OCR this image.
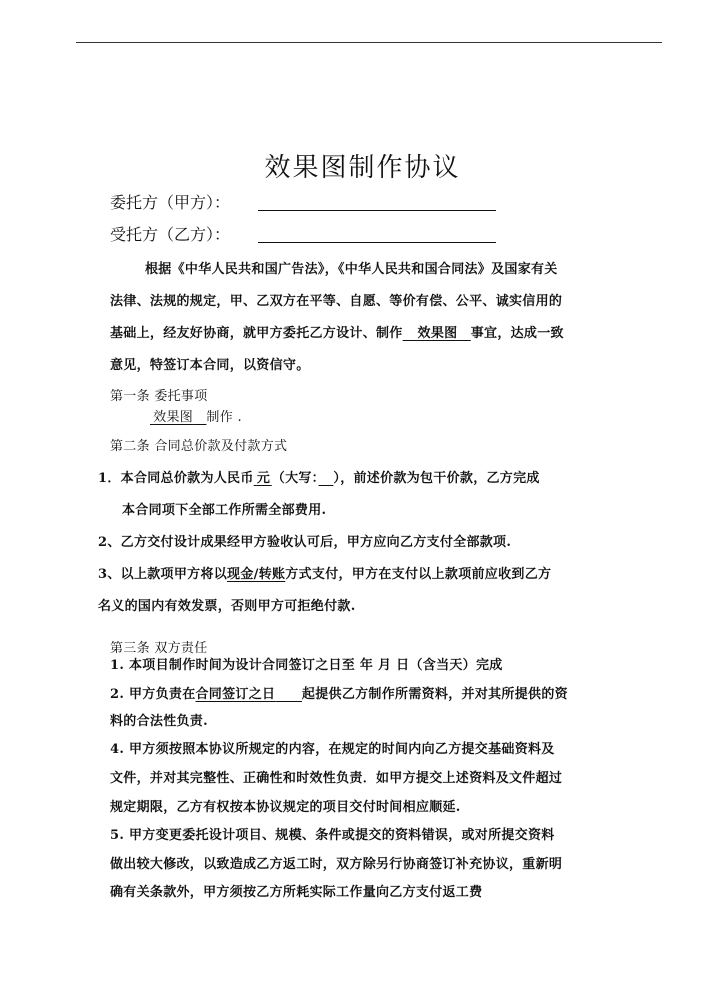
效果图制作协议
委托方（甲方）：
受托方（乙方）：
根据《中华人民共和国广告法》，《中华人民共和国合同法》及国家有关
法律、法规的规定，甲、乙双方在平等、自愿、等价有偿、公平、诚实信用的
基础上，经友好协商，就甲方委托乙方设计、制作　  效果图　 事宜，达成一致
意见，特签订本合同，以资信守。
第一条 委托事项
  效果图　 制作 .
第二条 合同总价款及付款方式
1．本合同总价款为人民币   元  （大写：　  ），前述价款为包干价款，乙方完成
本合同项下全部工作所需全部费用.
2、乙方交付设计成果经甲方验收认可后，甲方应向乙方支付全部款项.
3、以上款项甲方将以现金/转账方式支付，甲方在支付以上款项前应收到乙方
名义的国内有效发票，否则甲方可拒绝付款.
第三条 双方责任
1. 本项目制作时间为设计合同签订之日至 年 月 日（含当天）完成
2. 甲方负责在合同签订之日　　 起提供乙方制作所需资料，并对其所提供的资
料的合法性负责.
4. 甲方须按照本协议所规定的内容，在规定的时间内向乙方提交基础资料及
文件，并对其完整性、正确性和时效性负责．如甲方提交上述资料及文件超过
规定期限，乙方有权按本协议规定的项目交付时间相应顺延.
5. 甲方变更委托设计项目、规模、条件或提交的资料错误，或对所提交资料
做出较大修改，以致造成乙方返工时，双方除另行协商签订补充协议，重新明
确有关条款外，甲方须按乙方所耗实际工作量向乙方支付返工费
